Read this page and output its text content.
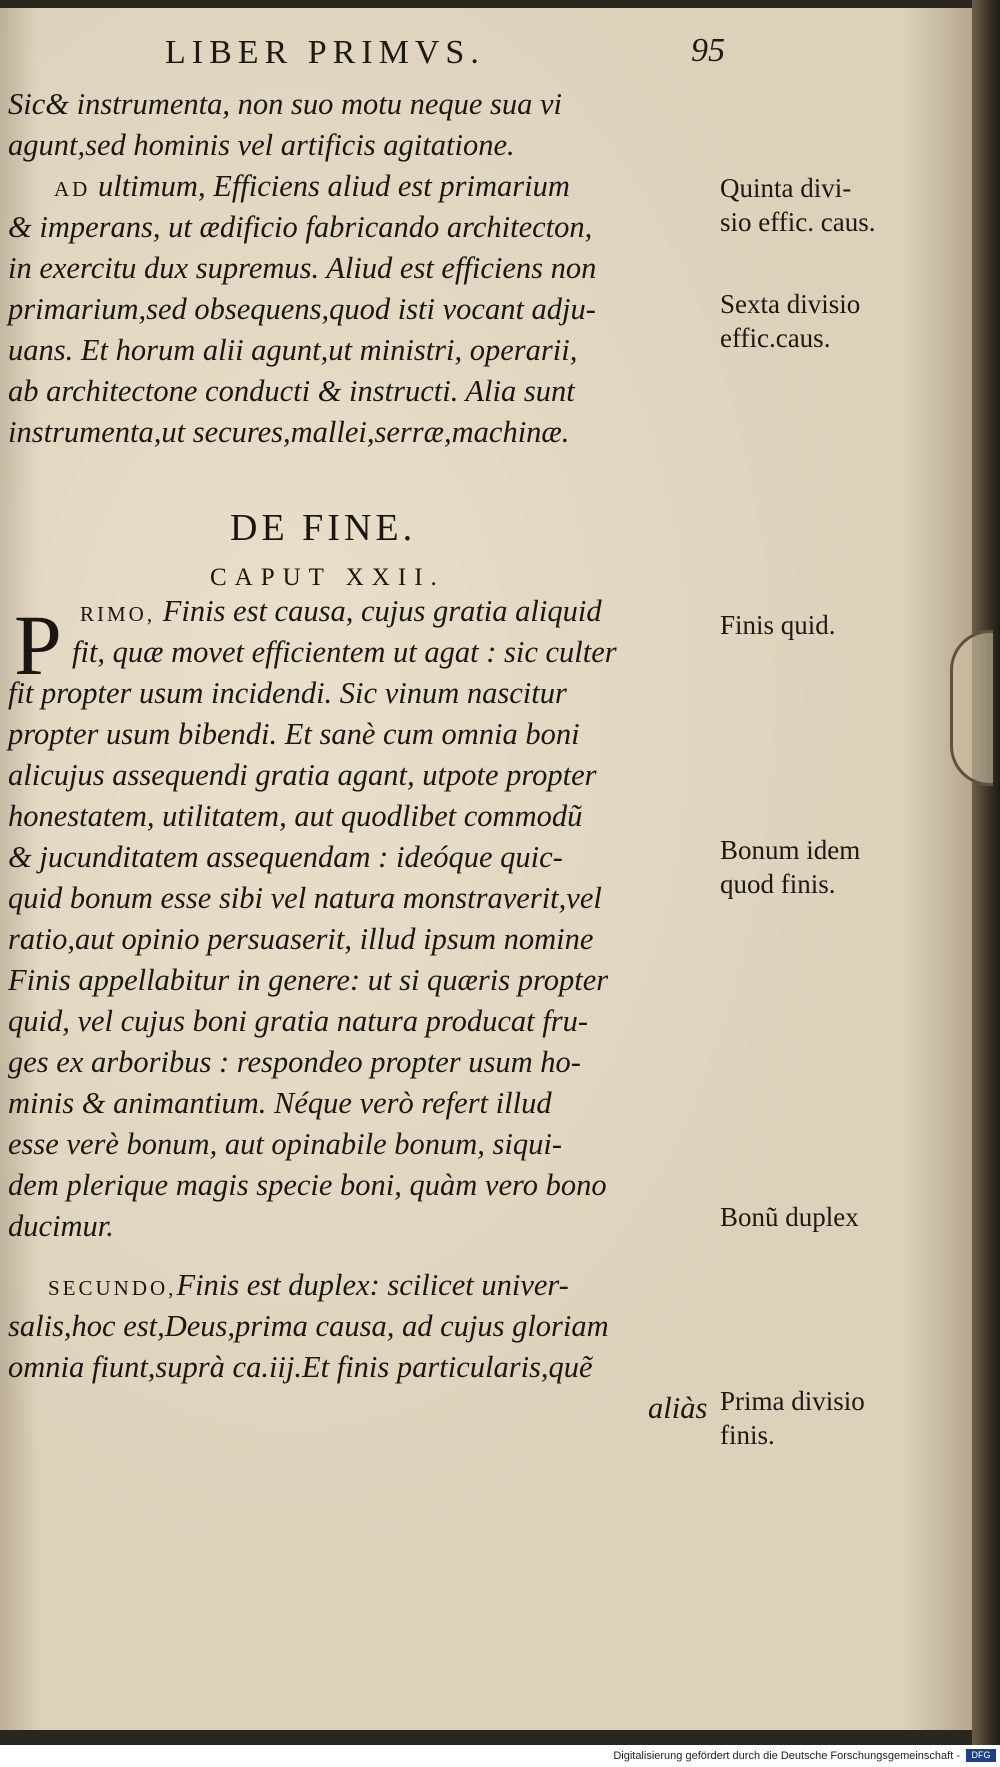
LIBER PRIMVS.	95
Sic& instrumenta, non suo motu neque sua vi
agunt,sed hominis vel artificis agitatione.
AD ultimum, Efficiens aliud est primarium
& imperans, ut ædificio fabricando architecton,
in exercitu dux supremus. Aliud est efficiens non
primarium,sed obsequens,quod isti vocant adju-
uans. Et horum alii agunt,ut ministri, operarii,
ab architectone conducti & instructi. Alia sunt
instrumenta,ut secures,mallei,serræ,machinæ.
RIMO, Finis est causa, cujus gratia aliquid
fit, quæ movet efficientem ut agat : sic culter
fit propter usum incidendi. Sic vinum nascitur
propter usum bibendi. Et sanè cum omnia boni
alicujus assequendi gratia agant, utpote propter
honestatem, utilitatem, aut quodlibet commodũ
& jucunditatem assequendam : ideóque quic-
quid bonum esse sibi vel natura monstraverit,vel
ratio,aut opinio persuaserit, illud ipsum nomine
Finis appellabitur in genere: ut si quæris propter
quid, vel cujus boni gratia natura producat fru-
ges ex arboribus : respondeo propter usum ho-
minis & animantium. Néque verò refert illud
esse verè bonum, aut opinabile bonum, siqui-
dem plerique magis specie boni, quàm vero bono
ducimur.
SECUNDO,Finis est duplex: scilicet univer-
salis,hoc est,Deus,prima causa, ad cujus gloriam
omnia fiunt,suprà ca.iij.Et finis particularis,quẽ
aliàs
DE FINE.
CAPUT XXII.
P
Quinta divi-
sio effic. caus.
Sexta divisio
effic.caus.
Finis quid.
Bonum idem
quod finis.
Bonũ duplex
Prima divisio
finis.
Digitalisierung gefördert durch die Deutsche Forschungsgemeinschaft -	DFG
